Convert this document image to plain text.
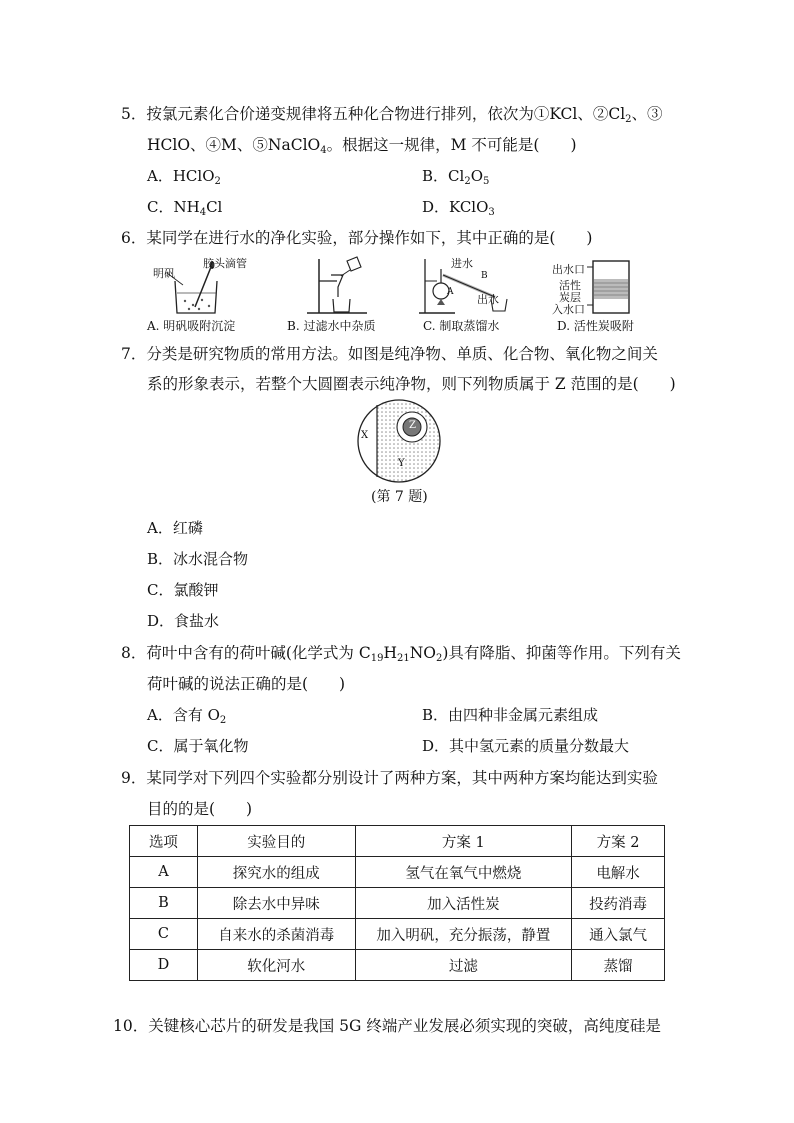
5．按氯元素化合价递变规律将五种化合物进行排列，依次为①KCl、$②Cl_2$、③
HClO、④M、⑤NaClO$_4$。根据这一规律，M 不可能是(　　)
A．HClO$_2$	B．$Cl_2O_5$
C．$NH_4Cl$	D．KClO$_3$
6．某同学在进行水的净化实验，部分操作如下，其中正确的是(　　)
明矾
胶头滴管	进水
A
B
出水
出水口
活性
炭层
入水口
A. 明矾吸附沉淀	B. 过滤水中杂质	C. 制取蒸馏水	D. 活性炭吸附
7．分类是研究物质的常用方法。如图是纯净物、单质、化合物、氧化物之间关
系的形象表示，若整个大圆圈表示纯净物，则下列物质属于 Z 范围的是(　　)
X
Y
Z
(第 7 题)
A．红磷
B．冰水混合物
C．氯酸钾
D．食盐水
8．荷叶中含有的荷叶碱(化学式为 $C_{19}H_{21}NO_2$)具有降脂、抑菌等作用。下列有关
荷叶碱的说法正确的是(　　)
A．含有 $O_2$	B．由四种非金属元素组成
C．属于氧化物	D．其中氢元素的质量分数最大
9．某同学对下列四个实验都分别设计了两种方案，其中两种方案均能达到实验
目的的是(　　)
选项	实验目的	方案 1	方案 2
A	探究水的组成	氢气在氧气中燃烧	电解水
B	除去水中异味	加入活性炭	投药消毒
C	自来水的杀菌消毒	加入明矾，充分振荡，静置	通入氯气
D	软化河水	过滤	蒸馏
10．关键核心芯片的研发是我国 5G 终端产业发展必须实现的突破，高纯度硅是
